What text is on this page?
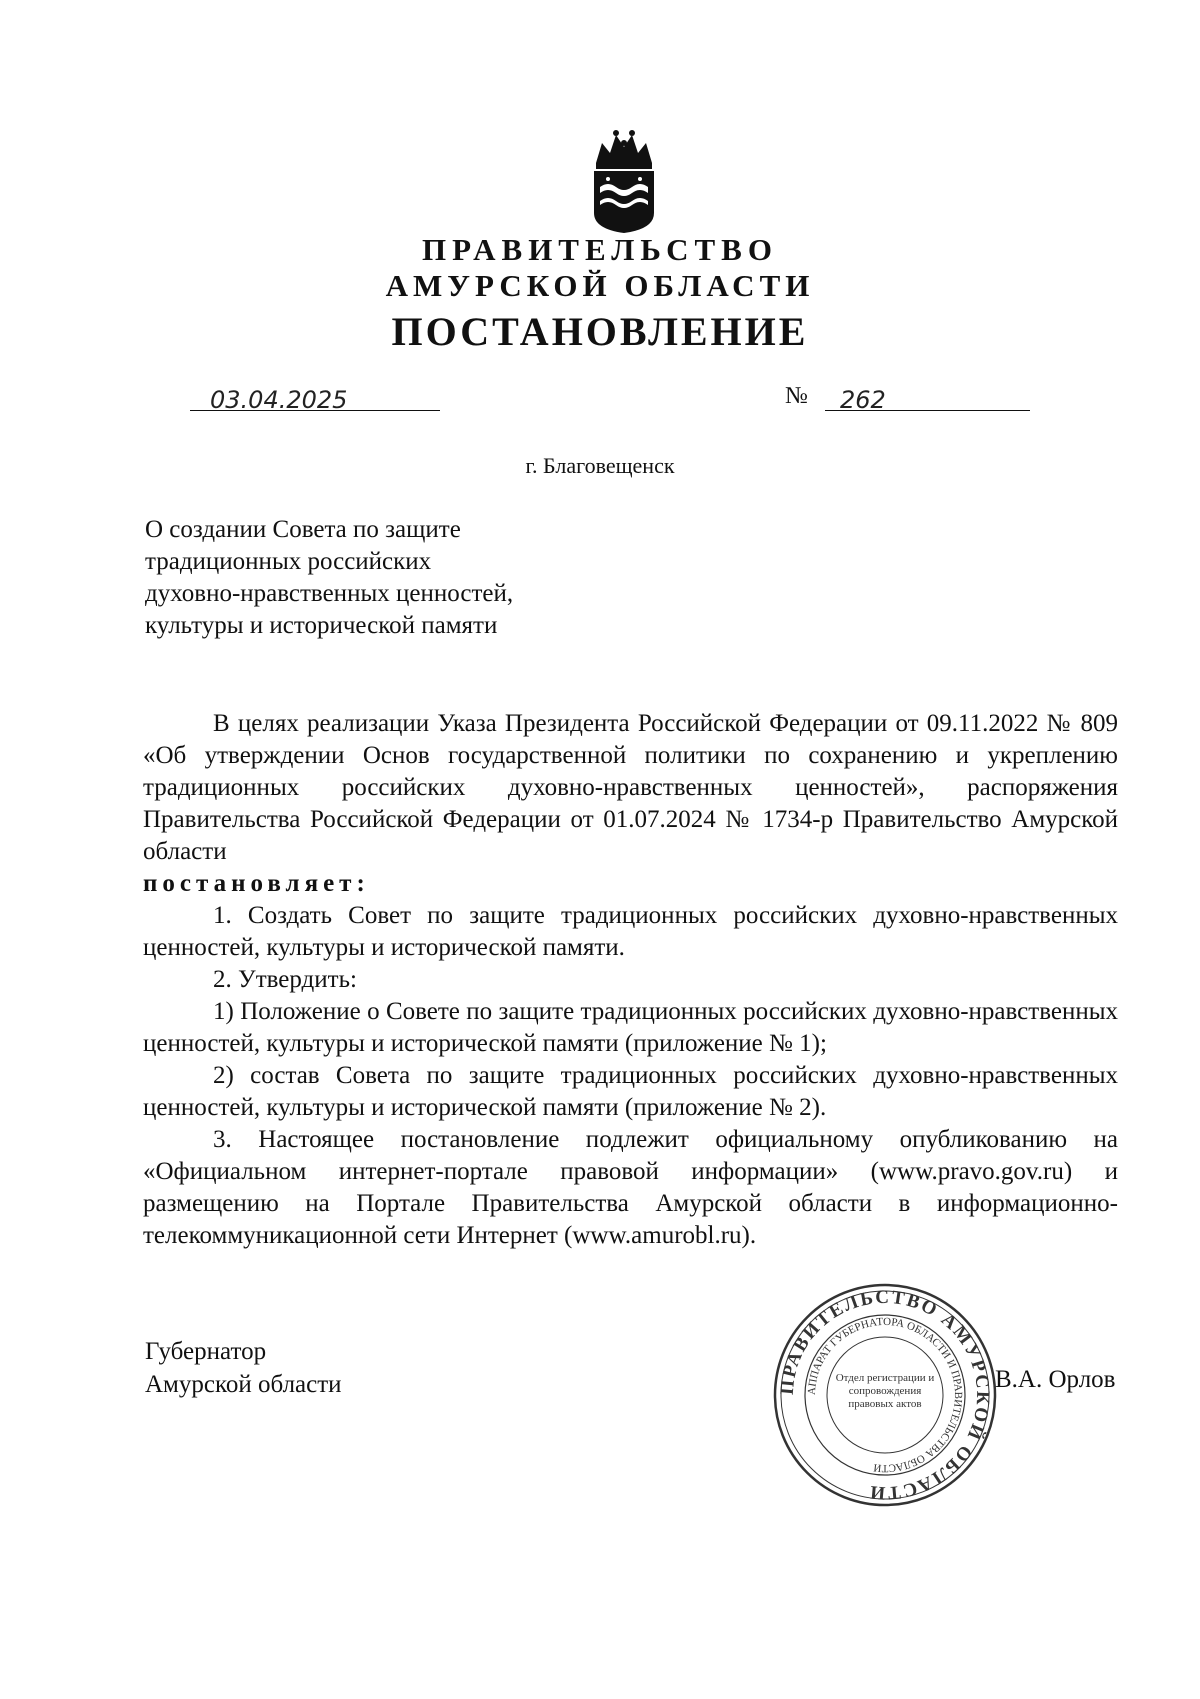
ПРАВИТЕЛЬСТВО
АМУРСКОЙ ОБЛАСТИ
ПОСТАНОВЛЕНИЕ
03.04.2025	№ 262
г. Благовещенск
О создании Совета по защите
традиционных российских
духовно-нравственных ценностей,
культуры и исторической памяти

В целях реализации Указа Президента Российской Федерации от 09.11.2022 № 809 «Об утверждении Основ государственной политики по сохранению и укреплению традиционных российских духовно-нравственных ценностей», распоряжения Правительства Российской Федерации от 01.07.2024 № 1734-р Правительство Амурской области

постановляет:

1. Создать Совет по защите традиционных российских духовно-нравственных ценностей, культуры и исторической памяти.

2. Утвердить:

1) Положение о Совете по защите традиционных российских духовно-нравственных ценностей, культуры и исторической памяти (приложение № 1);

2) состав Совета по защите традиционных российских духовно-нравственных ценностей, культуры и исторической памяти (приложение № 2).

3. Настоящее постановление подлежит официальному опубликованию на «Официальном интернет-портале правовой информации» (www.pravo.gov.ru) и размещению на Портале Правительства Амурской области в информационно-телекоммуникационной сети Интернет (www.amurobl.ru).

Губернатор
Амурской области	ПРАВИТЕЛЬСТВО АМУРСКОЙ ОБЛАСТИ
АППАРАТ ГУБЕРНАТОРА ОБЛАСТИ И ПРАВИТЕЛЬСТВА ОБЛАСТИ
Отдел регистрации и сопровождения правовых актов
В.А. Орлов
